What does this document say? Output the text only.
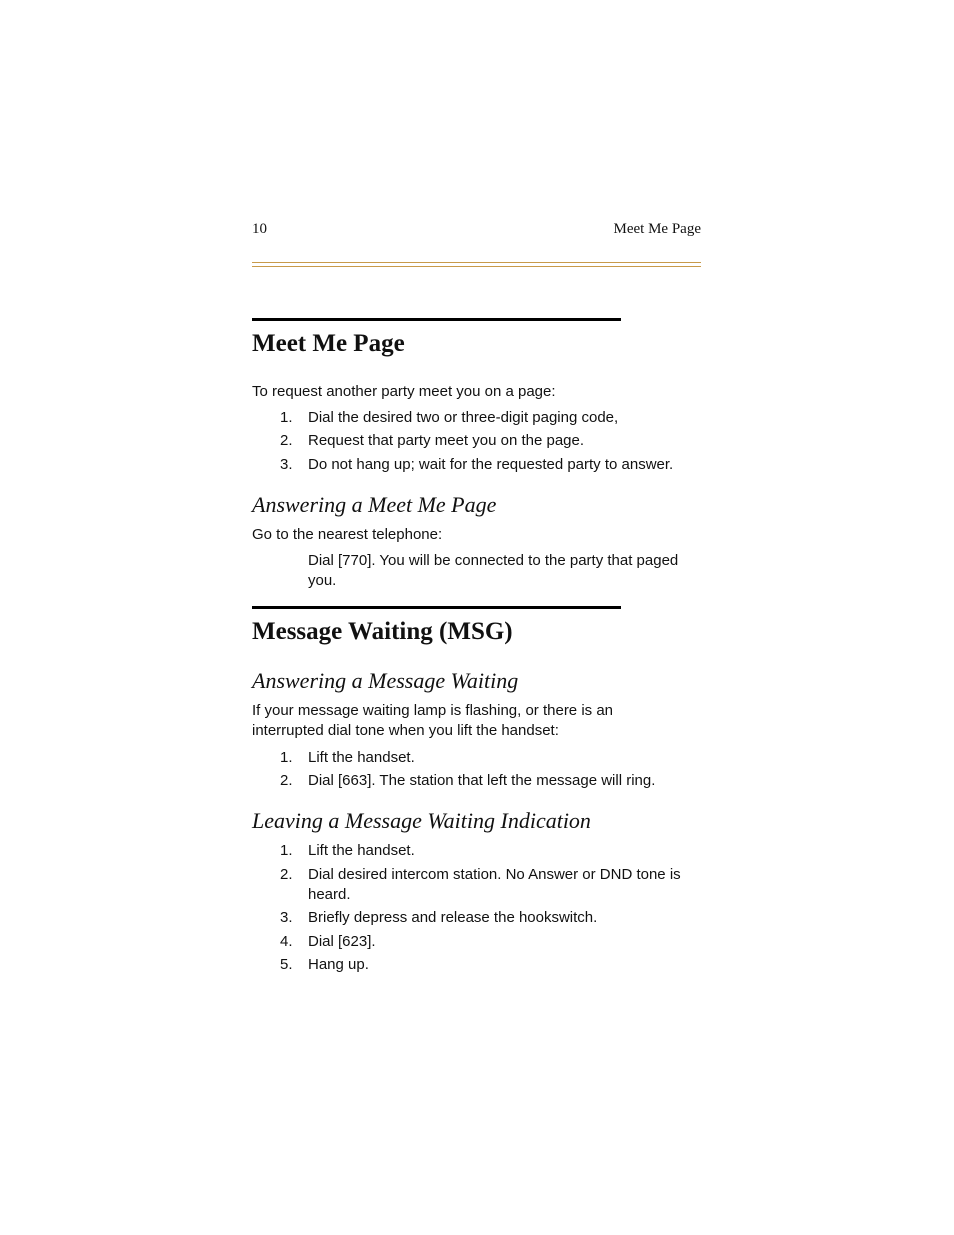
10	Meet Me Page
Meet Me Page
To request another party meet you on a page:
1.	Dial the desired two or three-digit paging code,
2.	Request that party meet you on the page.
3.	Do not hang up; wait for the requested party to answer.
Answering a Meet Me Page
Go to the nearest telephone:
Dial [770]. You will be connected to the party that paged you.
Message Waiting (MSG)
Answering a Message Waiting
If your message waiting lamp is flashing, or there is an interrupted dial tone when you lift the handset:
1.	Lift the handset.
2.	Dial [663]. The station that left the message will ring.
Leaving a Message Waiting Indication
1.	Lift the handset.
2.	Dial desired intercom station. No Answer or DND tone is heard.
3.	Briefly depress and release the hookswitch.
4.	Dial [623].
5.	Hang up.
